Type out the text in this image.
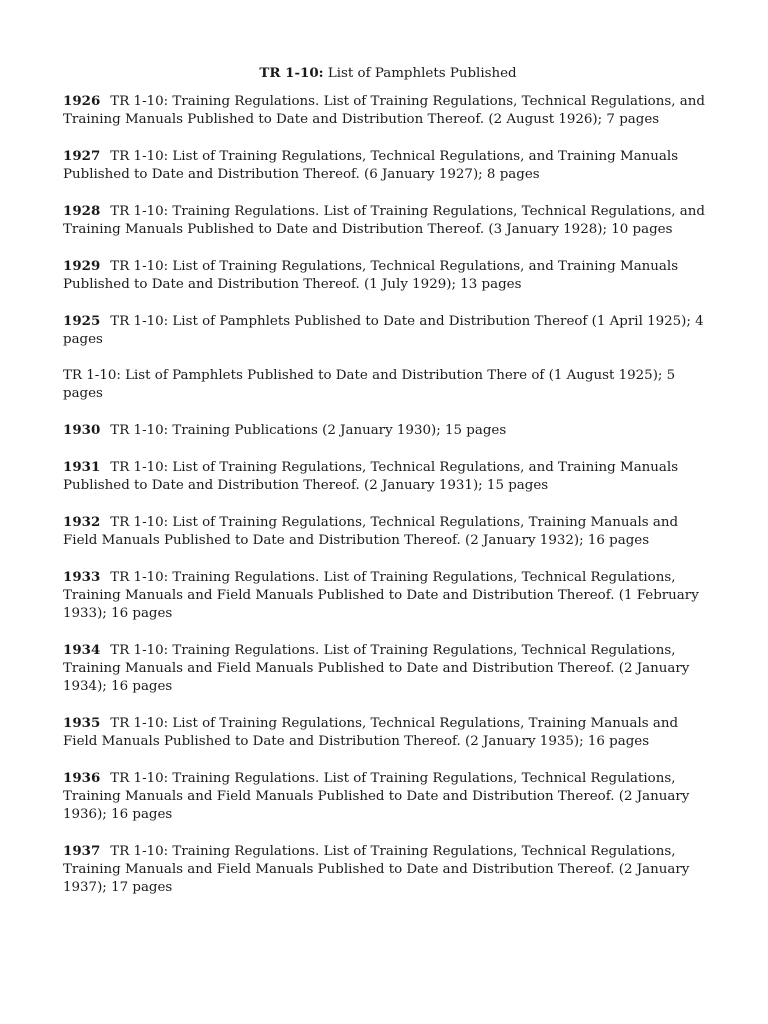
TR 1-10: List of Pamphlets Published

1926 TR 1-10: Training Regulations. List of Training Regulations, Technical Regulations, and Training Manuals Published to Date and Distribution Thereof. (2 August 1926); 7 pages

1927 TR 1-10: List of Training Regulations, Technical Regulations, and Training Manuals Published to Date and Distribution Thereof. (6 January 1927); 8 pages

1928 TR 1-10: Training Regulations. List of Training Regulations, Technical Regulations, and Training Manuals Published to Date and Distribution Thereof. (3 January 1928); 10 pages

1929 TR 1-10: List of Training Regulations, Technical Regulations, and Training Manuals Published to Date and Distribution Thereof. (1 July 1929); 13 pages

1925 TR 1-10: List of Pamphlets Published to Date and Distribution Thereof (1 April 1925); 4 pages

TR 1-10: List of Pamphlets Published to Date and Distribution There of (1 August 1925); 5 pages

1930 TR 1-10: Training Publications (2 January 1930); 15 pages

1931 TR 1-10: List of Training Regulations, Technical Regulations, and Training Manuals Published to Date and Distribution Thereof. (2 January 1931); 15 pages

1932 TR 1-10: List of Training Regulations, Technical Regulations, Training Manuals and Field Manuals Published to Date and Distribution Thereof. (2 January 1932); 16 pages

1933 TR 1-10: Training Regulations. List of Training Regulations, Technical Regulations, Training Manuals and Field Manuals Published to Date and Distribution Thereof. (1 February 1933); 16 pages

1934 TR 1-10: Training Regulations. List of Training Regulations, Technical Regulations, Training Manuals and Field Manuals Published to Date and Distribution Thereof. (2 January 1934); 16 pages

1935 TR 1-10: List of Training Regulations, Technical Regulations, Training Manuals and Field Manuals Published to Date and Distribution Thereof. (2 January 1935); 16 pages

1936 TR 1-10: Training Regulations. List of Training Regulations, Technical Regulations, Training Manuals and Field Manuals Published to Date and Distribution Thereof. (2 January 1936); 16 pages

1937 TR 1-10: Training Regulations. List of Training Regulations, Technical Regulations, Training Manuals and Field Manuals Published to Date and Distribution Thereof. (2 January 1937); 17 pages
